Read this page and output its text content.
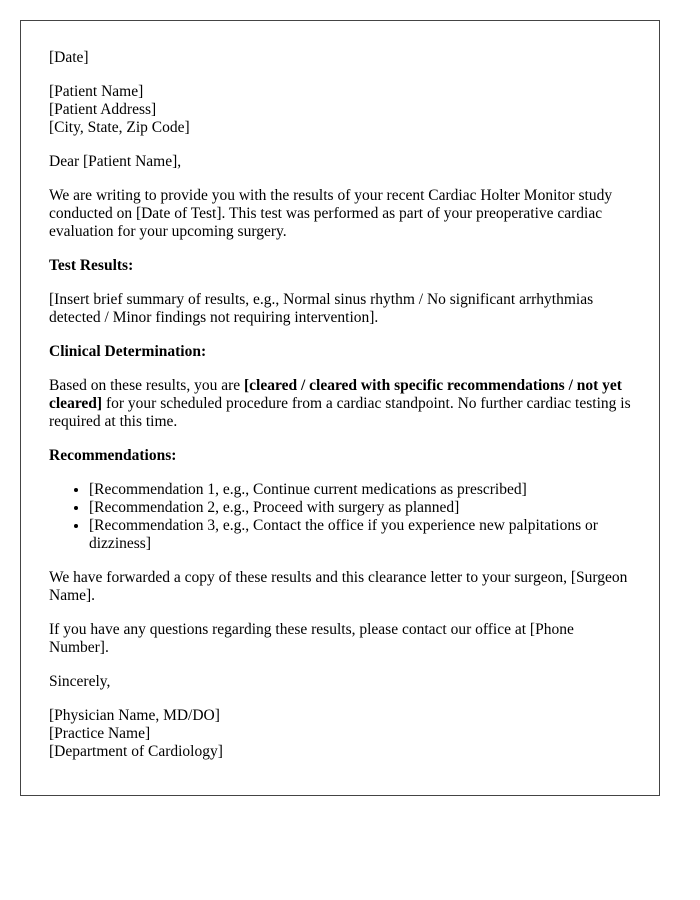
[Date]

[Patient Name]
[Patient Address]
[City, State, Zip Code]

Dear [Patient Name],

We are writing to provide you with the results of your recent Cardiac Holter Monitor study conducted on [Date of Test]. This test was performed as part of your preoperative cardiac evaluation for your upcoming surgery.

Test Results:

[Insert brief summary of results, e.g., Normal sinus rhythm / No significant arrhythmias detected / Minor findings not requiring intervention].

Clinical Determination:

Based on these results, you are [cleared / cleared with specific recommendations / not yet cleared] for your scheduled procedure from a cardiac standpoint. No further cardiac testing is required at this time.

Recommendations:

• [Recommendation 1, e.g., Continue current medications as prescribed]
• [Recommendation 2, e.g., Proceed with surgery as planned]
• [Recommendation 3, e.g., Contact the office if you experience new palpitations or dizziness]

We have forwarded a copy of these results and this clearance letter to your surgeon, [Surgeon Name].

If you have any questions regarding these results, please contact our office at [Phone Number].

Sincerely,

[Physician Name, MD/DO]
[Practice Name]
[Department of Cardiology]
